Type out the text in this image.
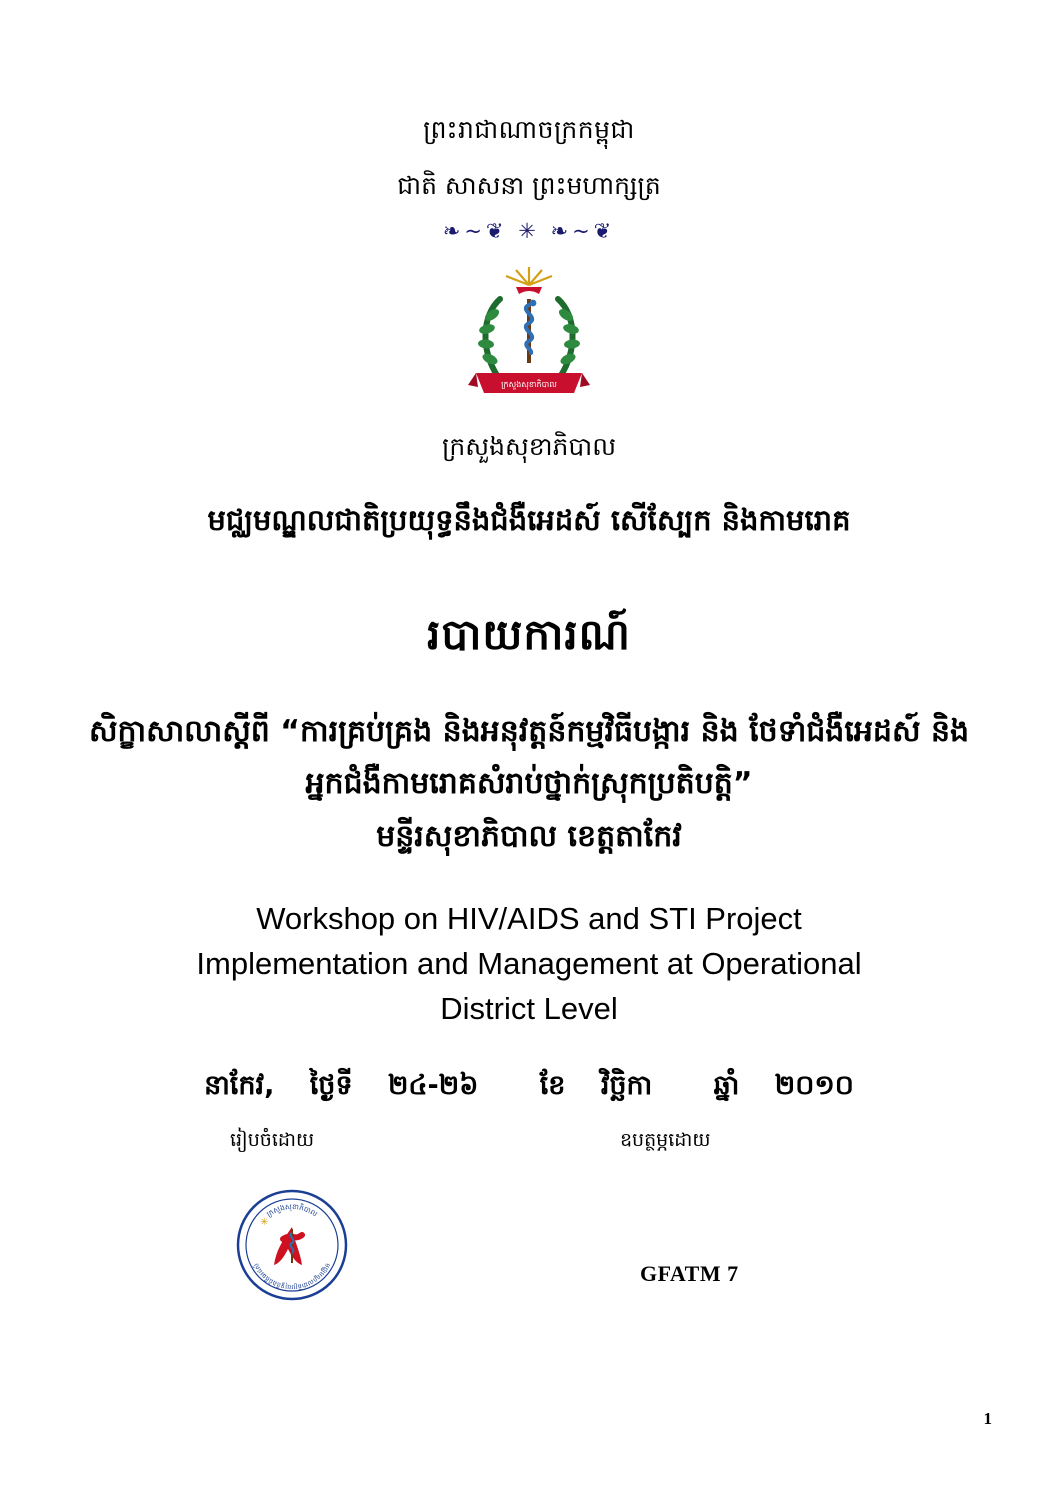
ព្រះរាជាណាចក្រកម្ពុជា
ជាតិ សាសនា ព្រះមហាក្សត្រ
❧~❦ ✳ ❧~❦
ក្រសួងសុខាភិបាល
ក្រសួងសុខាភិបាល
មជ្ឈមណ្ឌលជាតិប្រយុទ្ធនឹងជំងឺអេដស៍ សើស្បែក និងកាមរោគ
របាយការណ៍
សិក្ខាសាលាស្ដីពី “ការគ្រប់គ្រង និងអនុវត្តន៍កម្មវិធីបង្ការ និង ថែទាំជំងឺអេដស៍ និងអ្នកជំងឺកាមរោគសំរាប់ថ្នាក់ស្រុកប្រតិបត្តិ”
មន្ទីរសុខាភិបាល ខេត្តតាកែវ
Workshop on HIV/AIDS and STI Project
Implementation and Management at Operational
District Level
នាកែវ, ថ្ងៃទី ២៤-២៦ ខែ វិច្ឆិកា ឆ្នាំ ២០១០
រៀបចំដោយ	ឧបត្ថម្ភដោយ
ក្រសួងសុខាភិបាល
មជ្ឈមណ្ឌលជាតិប្រយុទ្ធនឹងជំងឺអេដស៍
✳
GFATM 7
1
